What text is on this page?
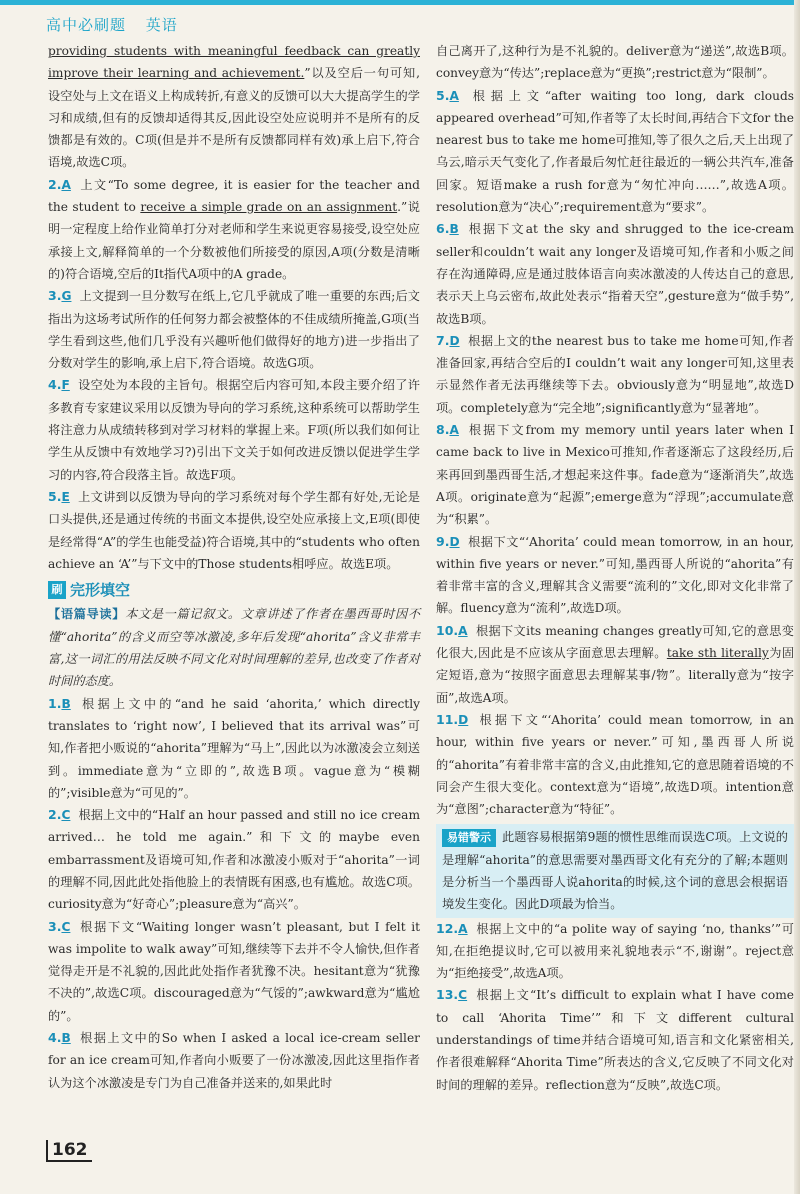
高中必刷题 英语

providing students with meaningful feedback can greatly improve their learning and achievement.”以及空后一句可知,设空处与上文在语义上构成转折,有意义的反馈可以大大提高学生的学习和成绩,但有的反馈却适得其反,因此设空处应说明并不是所有的反馈都是有效的。C项(但是并不是所有反馈都同样有效)承上启下,符合语境,故选C项。

2.A 上文“To some degree, it is easier for the teacher and the student to receive a simple grade on an assignment.”说明一定程度上给作业简单打分对老师和学生来说更容易接受,设空处应承接上文,解释简单的一个分数被他们所接受的原因,A项(分数是清晰的)符合语境,空后的It指代A项中的A grade。

3.G 上文提到一旦分数写在纸上,它几乎就成了唯一重要的东西;后文指出为这场考试所作的任何努力都会被整体的不佳成绩所掩盖,G项(当学生看到这些,他们几乎没有兴趣听他们做得好的地方)进一步指出了分数对学生的影响,承上启下,符合语境。故选G项。

4.F 设空处为本段的主旨句。根据空后内容可知,本段主要介绍了许多教育专家建议采用以反馈为导向的学习系统,这种系统可以帮助学生将注意力从成绩转移到对学习材料的掌握上来。F项(所以我们如何让学生从反馈中有效地学习?)引出下文关于如何改进反馈以促进学生学习的内容,符合段落主旨。故选F项。

5.E 上文讲到以反馈为导向的学习系统对每个学生都有好处,无论是口头提供,还是通过传统的书面文本提供,设空处应承接上文,E项(即使是经常得“A”的学生也能受益)符合语境,其中的“students who often achieve an ‘A’”与下文中的Those students相呼应。故选E项。

刷 完形填空

【语篇导读】本文是一篇记叙文。文章讲述了作者在墨西哥时因不懂“ahorita”的含义而空等冰激凌,多年后发现“ahorita”含义非常丰富,这一词汇的用法反映不同文化对时间理解的差异,也改变了作者对时间的态度。

1.B 根据上文中的“and he said ‘ahorita,’ which directly translates to ‘right now’, I believed that its arrival was”可知,作者把小贩说的“ahorita”理解为“马上”,因此以为冰激凌会立刻送到。immediate意为“立即的”,故选B项。vague意为“模糊的”;visible意为“可见的”。

2.C 根据上文中的“Half an hour passed and still no ice cream arrived… he told me again.”和下文的maybe even embarrassment及语境可知,作者和冰激凌小贩对于“ahorita”一词的理解不同,因此此处指他脸上的表情既有困惑,也有尴尬。故选C项。curiosity意为“好奇心”;pleasure意为“高兴”。

3.C 根据下文“Waiting longer wasn’t pleasant, but I felt it was impolite to walk away”可知,继续等下去并不令人愉快,但作者觉得走开是不礼貌的,因此此处指作者犹豫不决。hesitant意为“犹豫不决的”,故选C项。discouraged意为“气馁的”;awkward意为“尴尬的”。

4.B 根据上文中的So when I asked a local ice-cream seller for an ice cream可知,作者向小贩要了一份冰激凌,因此这里指作者认为这个冰激凌是专门为自己准备并送来的,如果此时

自己离开了,这种行为是不礼貌的。deliver意为“递送”,故选B项。convey意为“传达”;replace意为“更换”;restrict意为“限制”。

5.A 根据上文“after waiting too long, dark clouds appeared overhead”可知,作者等了太长时间,再结合下文for the nearest bus to take me home可推知,等了很久之后,天上出现了乌云,暗示天气变化了,作者最后匆忙赶往最近的一辆公共汽车,准备回家。短语make a rush for意为“匆忙冲向……”,故选A项。resolution意为“决心”;requirement意为“要求”。

6.B 根据下文at the sky and shrugged to the ice-cream seller和couldn’t wait any longer及语境可知,作者和小贩之间存在沟通障碍,应是通过肢体语言向卖冰激凌的人传达自己的意思,表示天上乌云密布,故此处表示“指着天空”,gesture意为“做手势”,故选B项。

7.D 根据上文的the nearest bus to take me home可知,作者准备回家,再结合空后的I couldn’t wait any longer可知,这里表示显然作者无法再继续等下去。obviously意为“明显地”,故选D项。completely意为“完全地”;significantly意为“显著地”。

8.A 根据下文from my memory until years later when I came back to live in Mexico可推知,作者逐渐忘了这段经历,后来再回到墨西哥生活,才想起来这件事。fade意为“逐渐消失”,故选A项。originate意为“起源”;emerge意为“浮现”;accumulate意为“积累”。

9.D 根据下文“‘Ahorita’ could mean tomorrow, in an hour, within five years or never.”可知,墨西哥人所说的“ahorita”有着非常丰富的含义,理解其含义需要“流利的”文化,即对文化非常了解。fluency意为“流利”,故选D项。

10.A 根据下文its meaning changes greatly可知,它的意思变化很大,因此是不应该从字面意思去理解。take sth literally为固定短语,意为“按照字面意思去理解某事/物”。literally意为“按字面”,故选A项。

11.D 根据下文“‘Ahorita’ could mean tomorrow, in an hour, within five years or never.”可知,墨西哥人所说的“ahorita”有着非常丰富的含义,由此推知,它的意思随着语境的不同会产生很大变化。context意为“语境”,故选D项。intention意为“意图”;character意为“特征”。

易错警示 此题容易根据第9题的惯性思维而误选C项。上文说的是理解“ahorita”的意思需要对墨西哥文化有充分的了解;本题则是分析当一个墨西哥人说ahorita的时候,这个词的意思会根据语境发生变化。因此D项最为恰当。

12.A 根据上文中的“a polite way of saying ‘no, thanks’”可知,在拒绝提议时,它可以被用来礼貌地表示“不,谢谢”。reject意为“拒绝接受”,故选A项。

13.C 根据上文“It’s difficult to explain what I have come to call ‘Ahorita Time’”和下文different cultural understandings of time并结合语境可知,语言和文化紧密相关,作者很难解释“Ahorita Time”所表达的含义,它反映了不同文化对时间的理解的差异。reflection意为“反映”,故选C项。

162
